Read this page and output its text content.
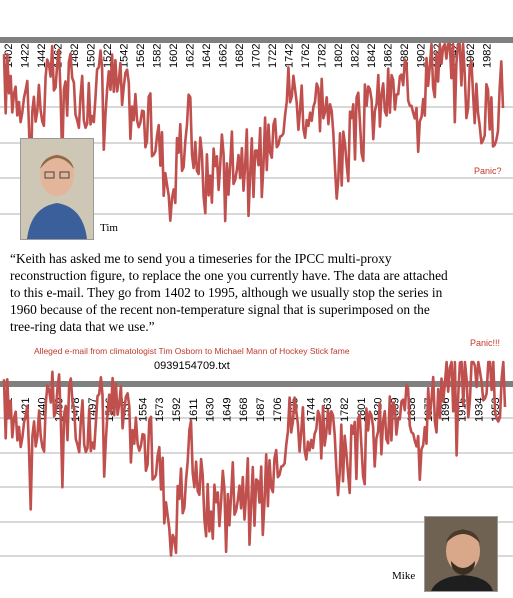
1402 1422 1442 1462 1482 1502 1522 1542 1562 1582 1602 1622 1642 1662 1682 1702 1722 1742 1762 1782 1802 1822 1842 1862 1882 1902 1922 1942 1962 1982
Tim
Panic?
“Keith has asked me to send you a timeseries for the IPCC multi-proxy reconstruction figure, to replace the one you currently have. The data are attached to this e-mail. They go from 1402 to 1995, although we usually stop the series in 1960 because of the recent non-temperature signal that is superimposed on the tree-ring data that we use.”
Alleged e-mail from climatologist Tim Osborn to Michael Mann of Hockey Stick fame
Panic!!!
0939154709.txt
1402 1421 1440 1459 1478 1497 1516 1535 1554 1573 1592 1611 1630 1649 1668 1687 1706 1725 1744 1763 1782 1801 1820 1839 1858 1877 1896 1915 1934 1953
Mike
